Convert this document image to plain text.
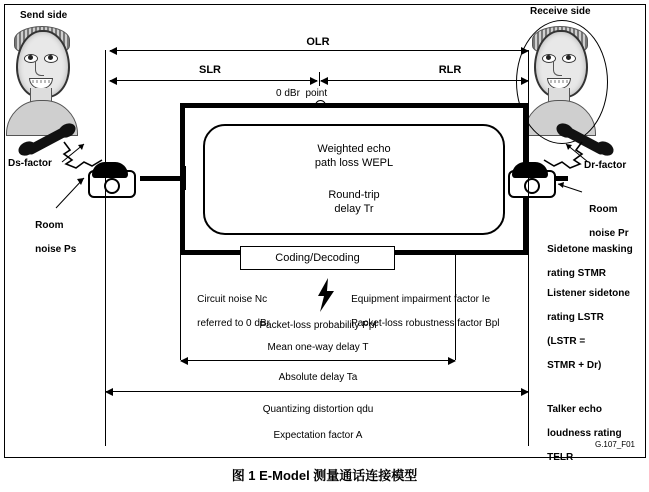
Send side	Receive side
OLR
SLR	RLR
0 dBr  point
Weighted echo
path loss WEPL
Round-trip
delay Tr
Coding/Decoding
Ds-factor

Room

noise Ps

Dr-factor

Room

noise Pr

Sidetone masking

rating STMR

Listener sidetone

rating LSTR

(LSTR =

STMR + Dr)

Talker echo

loudness rating

TELR

Circuit noise Nc

referred to 0 dBr

Equipment impairment factor Ie

Packet-loss robustness factor Bpl

Packet-loss probability Ppl
Mean one-way delay T
Absolute delay Ta
Quantizing distortion qdu
Expectation factor A
G.107_F01
图 1 E-Model 测量通话连接模型
